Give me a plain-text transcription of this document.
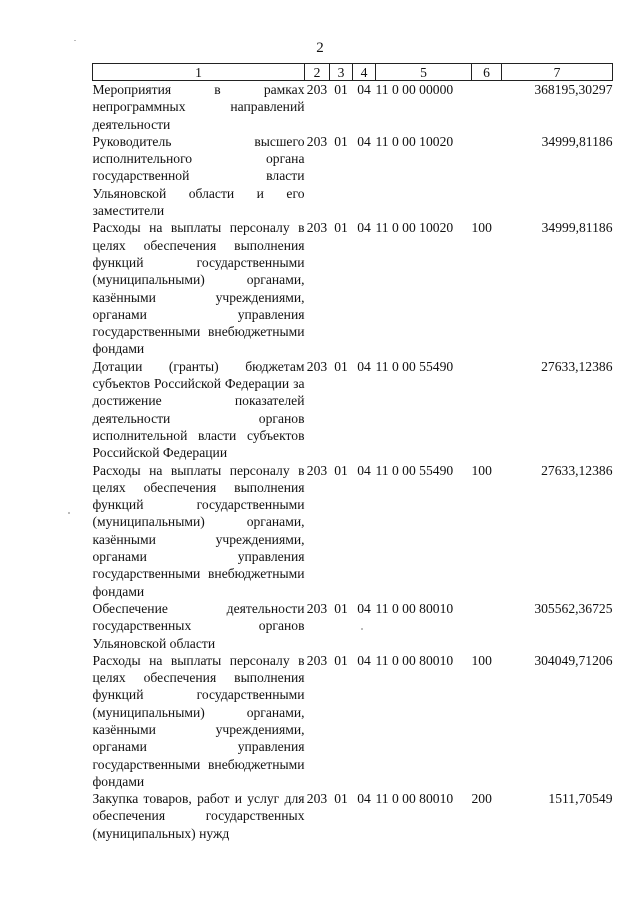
2
1	2	3	4	5	6	7
Мероприятия в рамках непрограммных направлений деятельности	203	01	04	11 0 00 00000		368195,30297
Руководитель высшего исполнительного органа государственной власти Ульяновской области и его заместители	203	01	04	11 0 00 10020		34999,81186
Расходы на выплаты персоналу в целях обеспечения выполнения функций государственными (муниципальными) органами, казёнными учреждениями, органами управления государственными внебюджетными фондами	203	01	04	11 0 00 10020	100	34999,81186
Дотации (гранты) бюджетам субъектов Российской Федерации за достижение показателей деятельности органов исполнительной власти субъектов Российской Федерации	203	01	04	11 0 00 55490		27633,12386
Расходы на выплаты персоналу в целях обеспечения выполнения функций государственными (муниципальными) органами, казёнными учреждениями, органами управления государственными внебюджетными фондами	203	01	04	11 0 00 55490	100	27633,12386
Обеспечение деятельности государственных органов Ульяновской области	203	01	04	11 0 00 80010		305562,36725
Расходы на выплаты персоналу в целях обеспечения выполнения функций государственными (муниципальными) органами, казёнными учреждениями, органами управления государственными внебюджетными фондами	203	01	04	11 0 00 80010	100	304049,71206
Закупка товаров, работ и услуг для обеспечения государственных (муниципальных) нужд	203	01	04	11 0 00 80010	200	1511,70549
